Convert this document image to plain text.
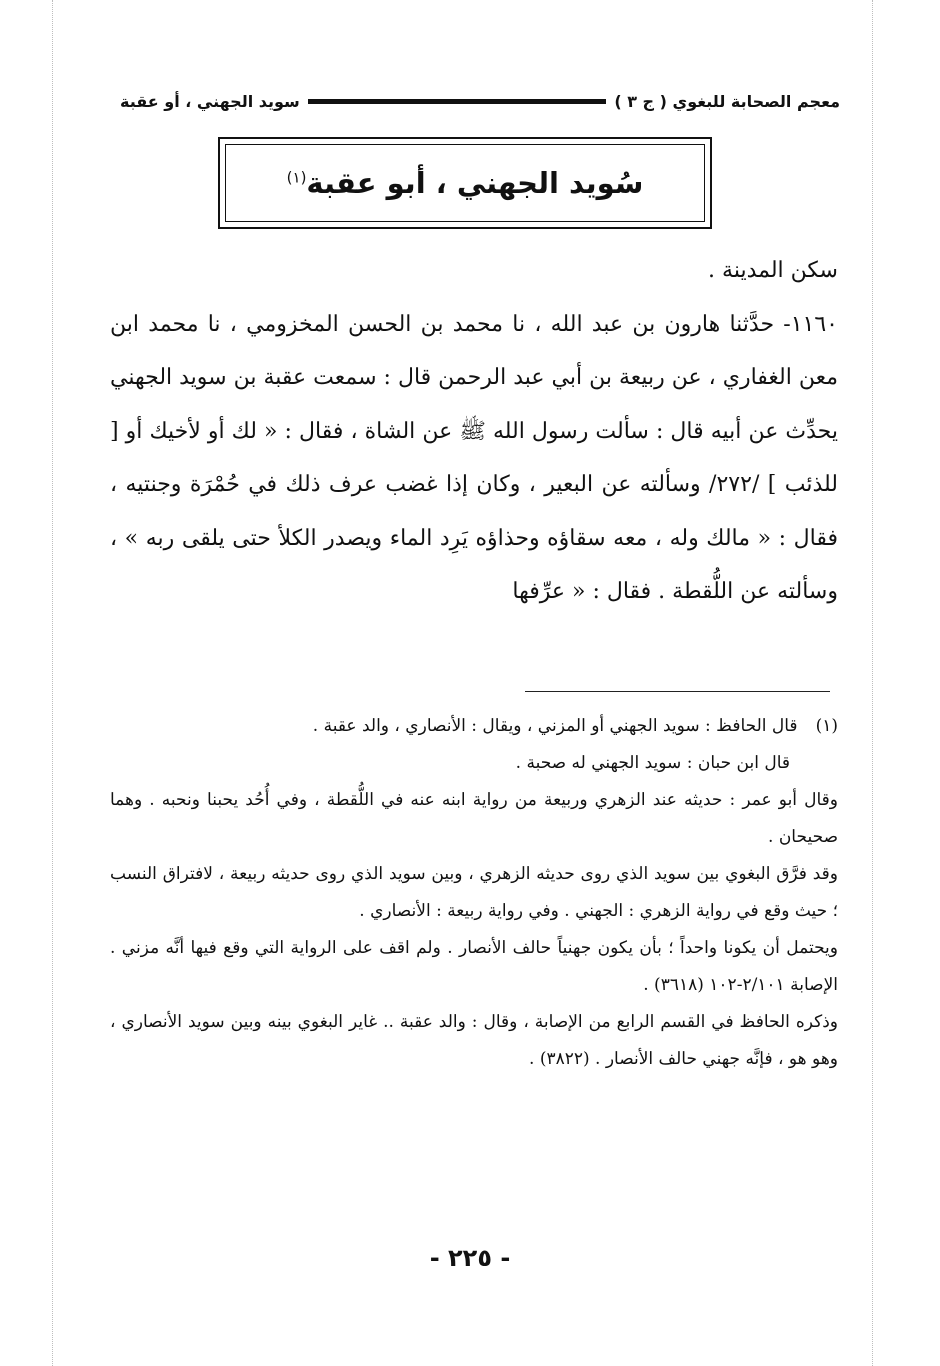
معجم الصحابة للبغوي ( ج ٣ )
سويد الجهني ، أو عقبة
سُويد الجهني ، أبو عقبة$^{(١)}$

سكن المدينة .

١١٦٠- حدَّثنا هارون بن عبد الله ، نا محمد بن الحسن المخزومي ، نا محمد ابن معن الغفاري ، عن ربيعة بن أبي عبد الرحمن قال : سمعت عقبة بن سويد الجهني يحدِّث عن أبيه قال : سألت رسول الله ﷺ عن الشاة ، فقال : « لك أو لأخيك أو [ للذئب ] /٢٧٢/ وسألته عن البعير ، وكان إذا غضب عرف ذلك في حُمْرَة وجنتيه ، فقال : « مالك وله ، معه سقاؤه وحذاؤه يَرِد الماء ويصدر الكلأ حتى يلقى ربه » ، وسألته عن اللُّقطة . فقال : « عرِّفها

(١)قال الحافظ : سويد الجهني أو المزني ، ويقال : الأنصاري ، والد عقبة .

قال ابن حبان : سويد الجهني له صحبة .

وقال أبو عمر : حديثه عند الزهري وربيعة من رواية ابنه عنه في اللُّقطة ، وفي أُحُد يحبنا ونحبه . وهما صحيحان .

وقد فرَّق البغوي بين سويد الذي روى حديثه الزهري ، وبين سويد الذي روى حديثه ربيعة ، لافتراق النسب ؛ حيث وقع في رواية الزهري : الجهني . وفي رواية ربيعة : الأنصاري .

ويحتمل أن يكونا واحداً ؛ بأن يكون جهنياً حالف الأنصار . ولم اقف على الرواية التي وقع فيها أنَّه مزني . الإصابة ٢/١٠١-١٠٢ (٣٦١٨) .

وذكره الحافظ في القسم الرابع من الإصابة ، وقال : والد عقبة .. غاير البغوي بينه وبين سويد الأنصاري ، وهو هو ، فإنَّه جهني حالف الأنصار . (٣٨٢٢) .

- ٢٢٥ -
